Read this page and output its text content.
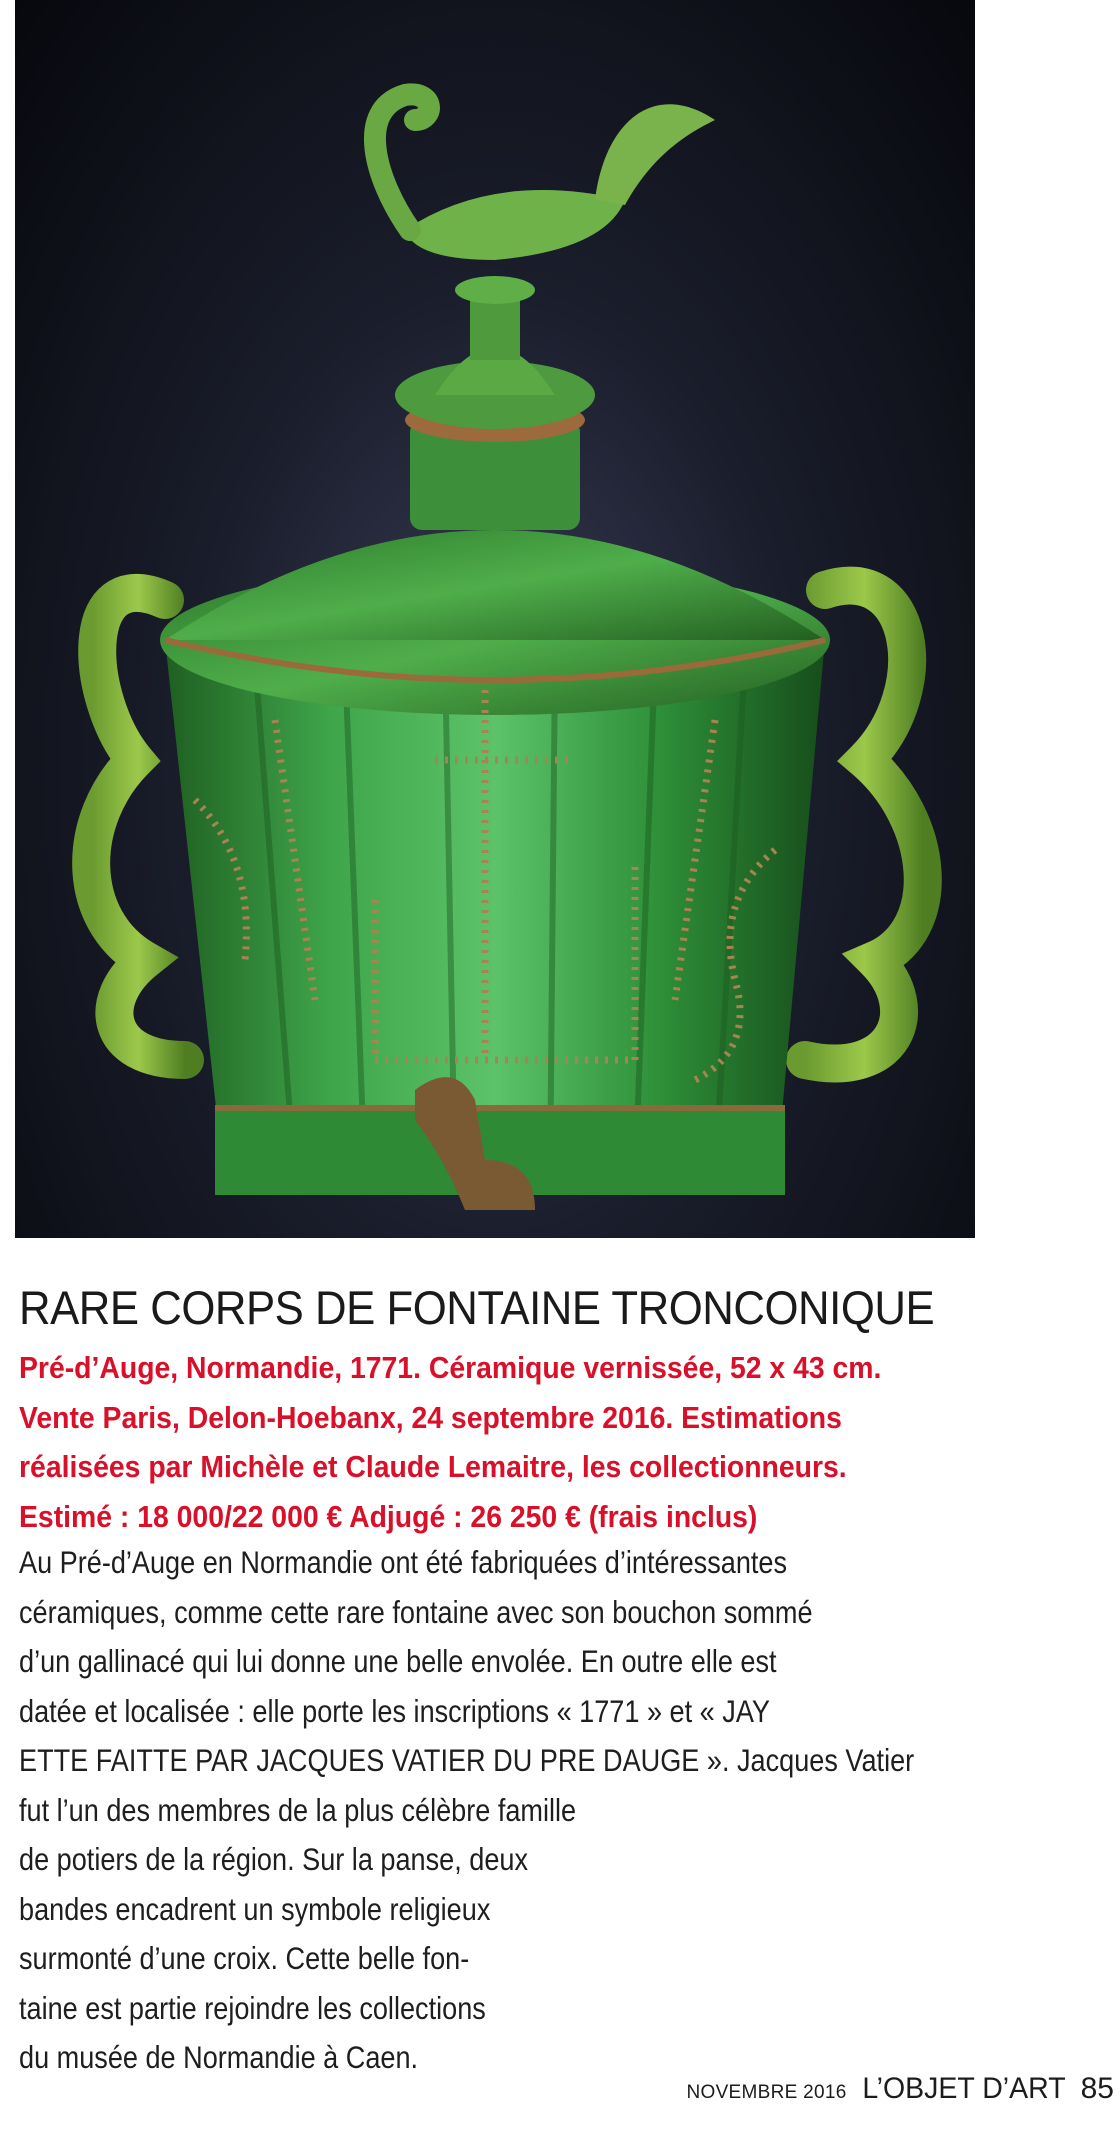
RARE CORPS DE FONTAINE TRONCONIQUE
Pré-d’Auge, Normandie, 1771. Céramique vernissée, 52 x 43 cm.
Vente Paris, Delon-Hoebanx, 24 septembre 2016. Estimations
réalisées par Michèle et Claude Lemaitre, les collectionneurs.
Estimé : 18 000/22 000 € Adjugé : 26 250 € (frais inclus)
Au Pré-d’Auge en Normandie ont été fabriquées d’intéressantes
céramiques, comme cette rare fontaine avec son bouchon sommé
d’un gallinacé qui lui donne une belle envolée. En outre elle est
datée et localisée : elle porte les inscriptions « 1771 » et « JAY
ETTE FAITTE PAR JACQUES VATIER DU PRE DAUGE ». Jacques Vatier
fut l’un des membres de la plus célèbre famille
de potiers de la région. Sur la panse, deux
bandes encadrent un symbole religieux
surmonté d’une croix. Cette belle fon-
taine est partie rejoindre les collections
du musée de Normandie à Caen.
NOVEMBRE 2016 L’OBJET D’ART 85
